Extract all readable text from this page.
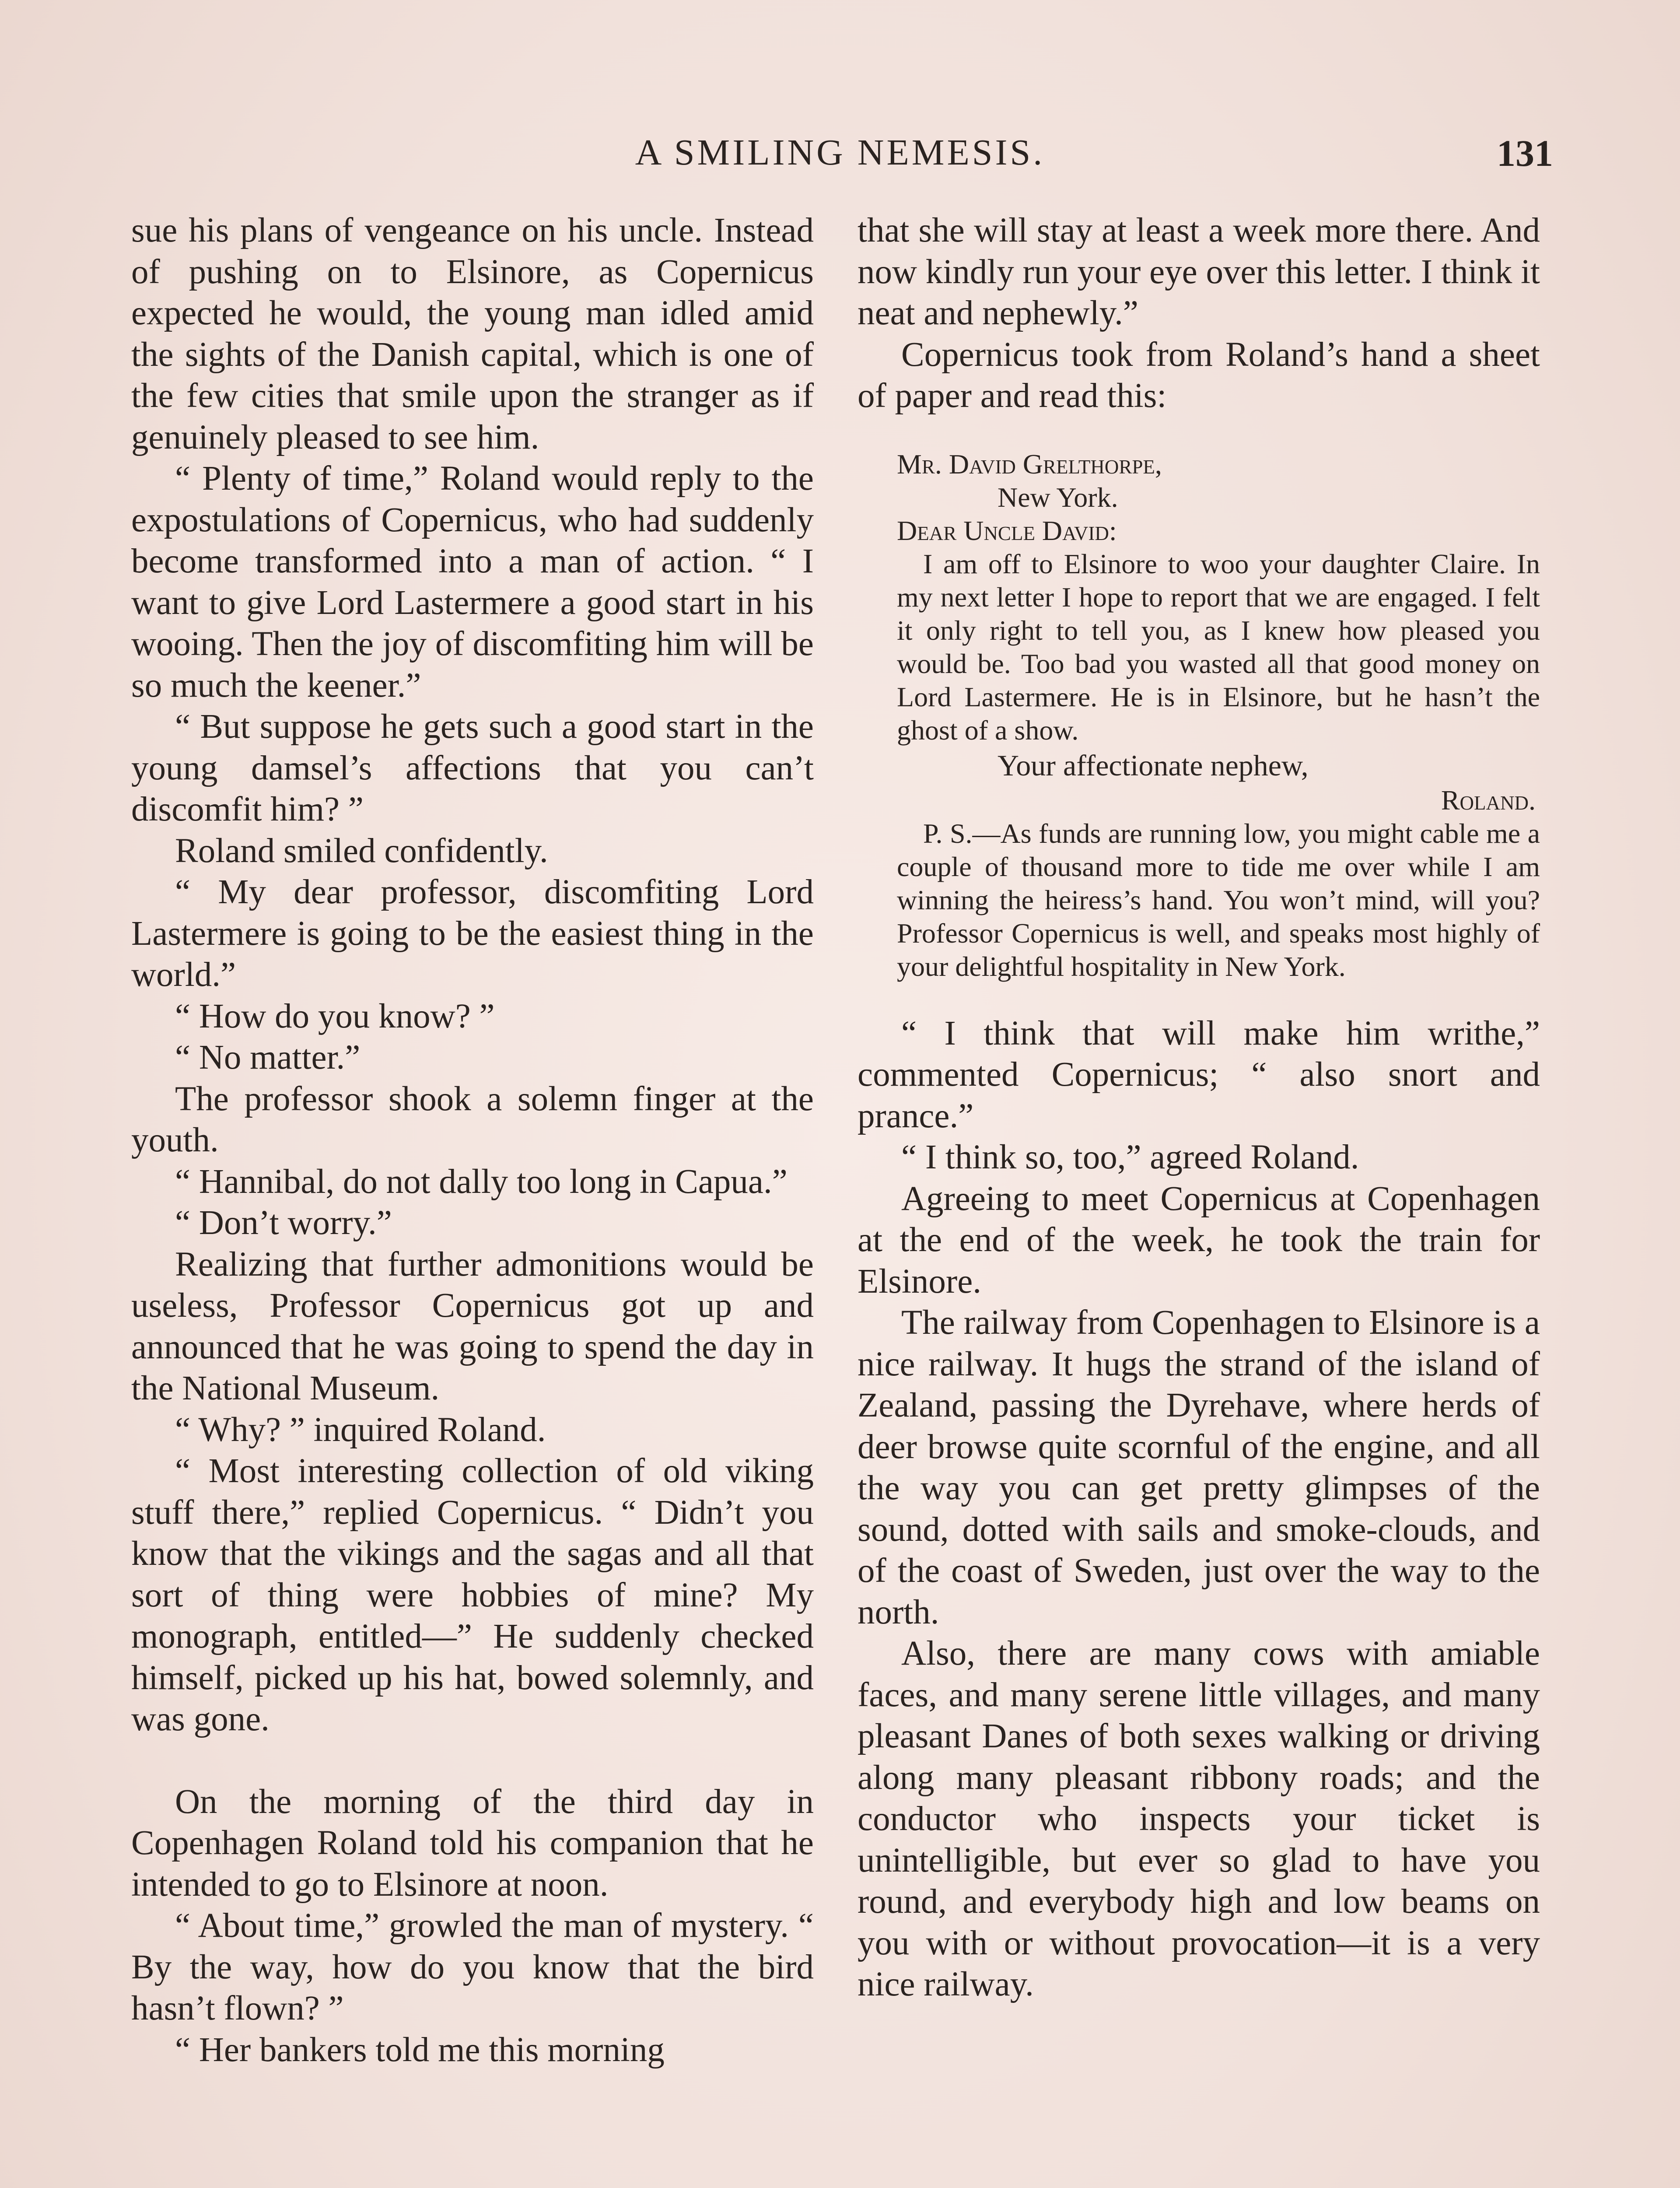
A SMILING NEMESIS.	131

sue his plans of vengeance on his uncle. Instead of pushing on to Elsinore, as Copernicus expected he would, the young man idled amid the sights of the Danish capital, which is one of the few cities that smile upon the stranger as if genuinely pleased to see him.

“ Plenty of time,” Roland would reply to the expostulations of Copernicus, who had suddenly become transformed into a man of action. “ I want to give Lord Lastermere a good start in his wooing. Then the joy of discomfiting him will be so much the keener.”

“ But suppose he gets such a good start in the young damsel’s affections that you can’t discomfit him? ”

Roland smiled confidently.

“ My dear professor, discomfiting Lord Lastermere is going to be the easiest thing in the world.”

“ How do you know? ”

“ No matter.”

The professor shook a solemn finger at the youth.

“ Hannibal, do not dally too long in Capua.”

“ Don’t worry.”

Realizing that further admonitions would be useless, Professor Copernicus got up and announced that he was going to spend the day in the National Museum.

“ Why? ” inquired Roland.

“ Most interesting collection of old viking stuff there,” replied Copernicus. “ Didn’t you know that the vikings and the sagas and all that sort of thing were hobbies of mine? My monograph, entitled—” He suddenly checked himself, picked up his hat, bowed solemnly, and was gone.

On the morning of the third day in Copenhagen Roland told his companion that he intended to go to Elsinore at noon.

“ About time,” growled the man of mystery. “ By the way, how do you know that the bird hasn’t flown? ”

“ Her bankers told me this morning

that she will stay at least a week more there. And now kindly run your eye over this letter. I think it neat and nephewly.”

Copernicus took from Roland’s hand a sheet of paper and read this:

Mr. David Grelthorpe,

New York.

Dear Uncle David:

I am off to Elsinore to woo your daughter Claire. In my next letter I hope to report that we are engaged. I felt it only right to tell you, as I knew how pleased you would be. Too bad you wasted all that good money on Lord Lastermere. He is in Elsinore, but he hasn’t the ghost of a show.

Your affectionate nephew,

Roland.

P. S.—As funds are running low, you might cable me a couple of thousand more to tide me over while I am winning the heiress’s hand. You won’t mind, will you? Professor Copernicus is well, and speaks most highly of your delightful hospitality in New York.

“ I think that will make him writhe,” commented Copernicus; “ also snort and prance.”

“ I think so, too,” agreed Roland.

Agreeing to meet Copernicus at Copenhagen at the end of the week, he took the train for Elsinore.

The railway from Copenhagen to Elsinore is a nice railway. It hugs the strand of the island of Zealand, passing the Dyrehave, where herds of deer browse quite scornful of the engine, and all the way you can get pretty glimpses of the sound, dotted with sails and smoke-clouds, and of the coast of Sweden, just over the way to the north.

Also, there are many cows with amiable faces, and many serene little villages, and many pleasant Danes of both sexes walking or driving along many pleasant ribbony roads; and the conductor who inspects your ticket is unintelligible, but ever so glad to have you round, and everybody high and low beams on you with or without provocation—it is a very nice railway.
